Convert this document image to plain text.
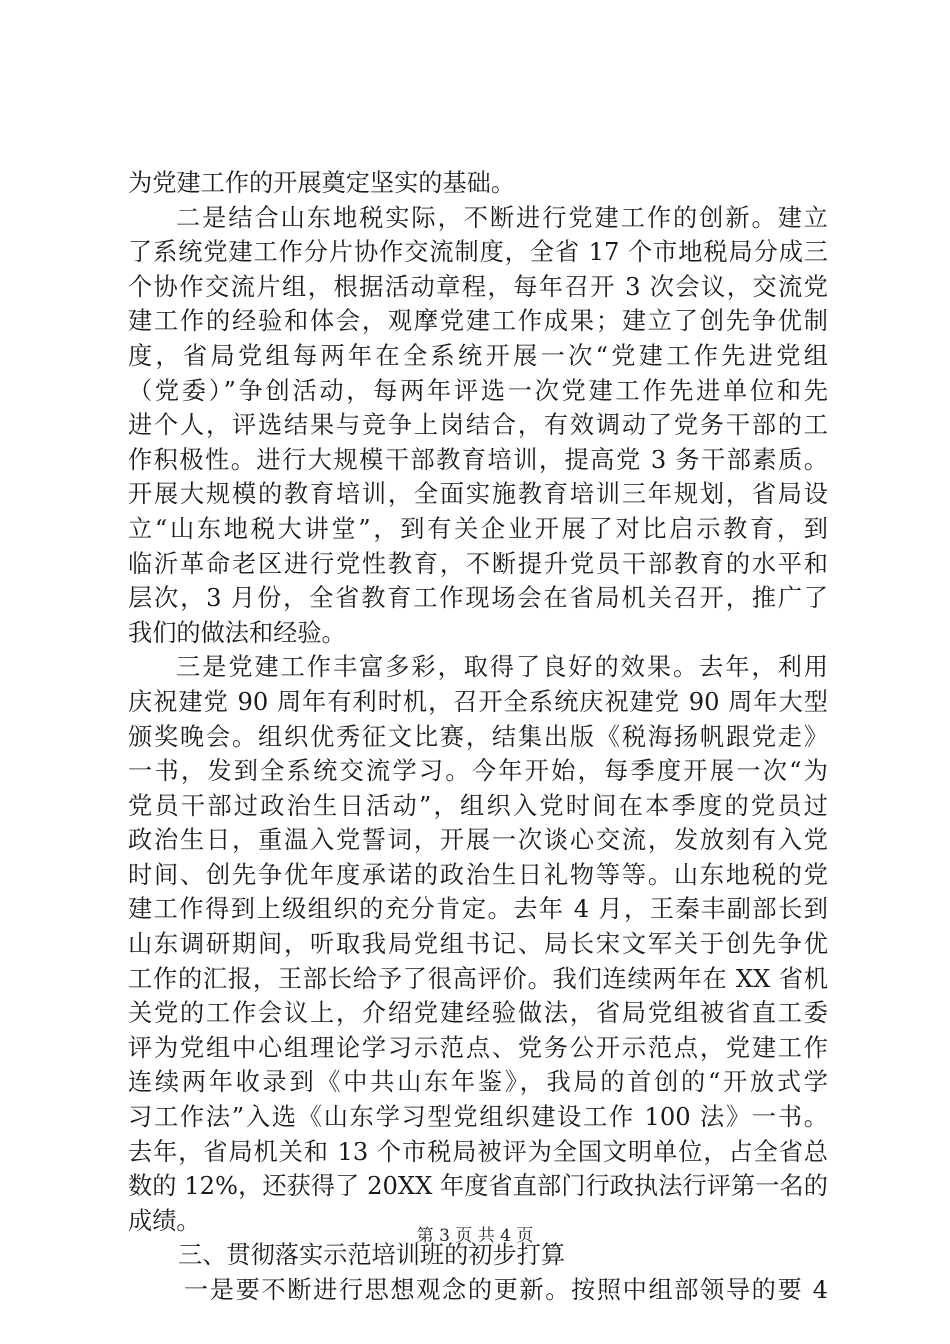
为党建工作的开展奠定坚实的基础。
二是结合山东地税实际，不断进行党建工作的创新。建立
了系统党建工作分片协作交流制度，全省 17 个市地税局分成三
个协作交流片组，根据活动章程，每年召开 3 次会议，交流党
建工作的经验和体会，观摩党建工作成果；建立了创先争优制
度，省局党组每两年在全系统开展一次“党建工作先进党组
（党委）”争创活动，每两年评选一次党建工作先进单位和先
进个人，评选结果与竞争上岗结合，有效调动了党务干部的工
作积极性。进行大规模干部教育培训，提高党 3 务干部素质。
开展大规模的教育培训，全面实施教育培训三年规划，省局设
立“山东地税大讲堂”，到有关企业开展了对比启示教育，到
临沂革命老区进行党性教育，不断提升党员干部教育的水平和
层次，3 月份，全省教育工作现场会在省局机关召开，推广了
我们的做法和经验。
三是党建工作丰富多彩，取得了良好的效果。去年，利用
庆祝建党 90 周年有利时机，召开全系统庆祝建党 90 周年大型
颁奖晚会。组织优秀征文比赛，结集出版《税海扬帆跟党走》
一书，发到全系统交流学习。今年开始，每季度开展一次“为
党员干部过政治生日活动”，组织入党时间在本季度的党员过
政治生日，重温入党誓词，开展一次谈心交流，发放刻有入党
时间、创先争优年度承诺的政治生日礼物等等。山东地税的党
建工作得到上级组织的充分肯定。去年 4 月，王秦丰副部长到
山东调研期间，听取我局党组书记、局长宋文军关于创先争优
工作的汇报，王部长给予了很高评价。我们连续两年在 XX 省机
关党的工作会议上，介绍党建经验做法，省局党组被省直工委
评为党组中心组理论学习示范点、党务公开示范点，党建工作
连续两年收录到《中共山东年鉴》，我局的首创的“开放式学
习工作法”入选《山东学习型党组织建设工作 100 法》一书。
去年，省局机关和 13 个市税局被评为全国文明单位，占全省总
数的 12%，还获得了 20XX 年度省直部门行政执法行评第一名的
成绩。
三、贯彻落实示范培训班的初步打算
一是要不断进行思想观念的更新。按照中组部领导的要 4
第 3 页 共 4 页
